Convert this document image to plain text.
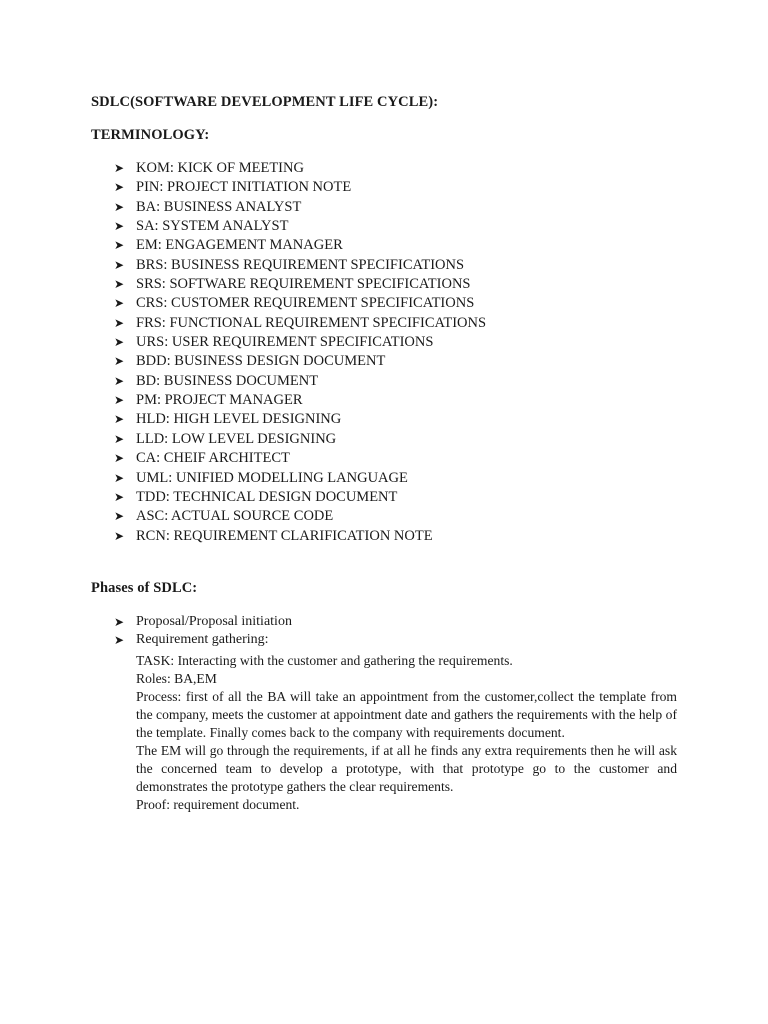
SDLC(SOFTWARE DEVELOPMENT LIFE CYCLE):
TERMINOLOGY:
➤ KOM: KICK OF MEETING
➤ PIN: PROJECT INITIATION NOTE
➤ BA: BUSINESS ANALYST
➤ SA: SYSTEM ANALYST
➤ EM: ENGAGEMENT MANAGER
➤ BRS: BUSINESS REQUIREMENT SPECIFICATIONS
➤ SRS: SOFTWARE REQUIREMENT SPECIFICATIONS
➤ CRS: CUSTOMER REQUIREMENT SPECIFICATIONS
➤ FRS: FUNCTIONAL REQUIREMENT SPECIFICATIONS
➤ URS: USER REQUIREMENT SPECIFICATIONS
➤ BDD: BUSINESS DESIGN DOCUMENT
➤ BD: BUSINESS DOCUMENT
➤ PM: PROJECT MANAGER
➤ HLD: HIGH LEVEL DESIGNING
➤ LLD: LOW LEVEL DESIGNING
➤ CA: CHEIF ARCHITECT
➤ UML: UNIFIED MODELLING LANGUAGE
➤ TDD: TECHNICAL DESIGN DOCUMENT
➤ ASC: ACTUAL SOURCE CODE
➤ RCN: REQUIREMENT CLARIFICATION NOTE
Phases of SDLC:
➤ Proposal/Proposal initiation
➤ Requirement gathering:

TASK: Interacting with the customer and gathering the requirements.

Roles: BA,EM

Process: first of all the BA will take an appointment from the customer,collect the template from the company, meets the customer at appointment date and gathers the requirements with the help of the template. Finally comes back to the company with requirements document.

The EM will go through the requirements, if at all he finds any extra requirements then he will ask the concerned team to develop a prototype, with that prototype go to the customer and demonstrates the prototype gathers the clear requirements.

Proof: requirement document.
